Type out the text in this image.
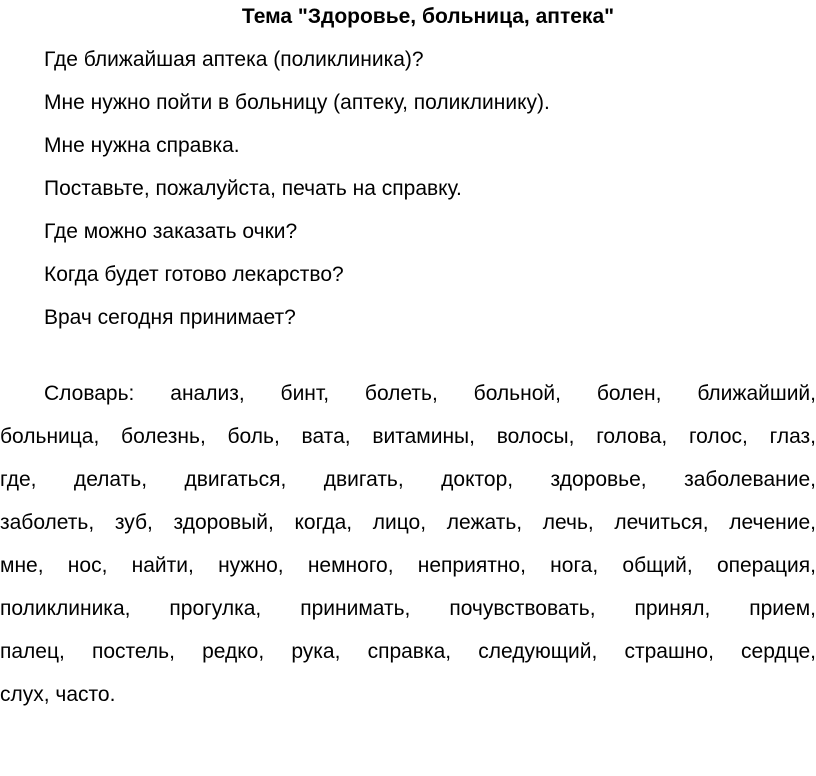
Тема "Здоровье, больница, аптека"
Где ближайшая аптека (поликлиника)?
Мне нужно пойти в больницу (аптеку, поликлинику).
Мне нужна справка.
Поставьте, пожалуйста, печать на справку.
Где можно заказать очки?
Когда будет готово лекарство?
Врач сегодня принимает?
Словарь: анализ, бинт, болеть, больной, болен, ближайший,
больница, болезнь, боль, вата, витамины, волосы, голова, голос, глаз,
где, делать, двигаться, двигать, доктор, здоровье, заболевание,
заболеть, зуб, здоровый, когда, лицо, лежать, лечь, лечиться, лечение,
мне, нос, найти, нужно, немного, неприятно, нога, общий, операция,
поликлиника, прогулка, принимать, почувствовать, принял, прием,
палец, постель, редко, рука, справка, следующий, страшно, сердце,
слух, часто.
